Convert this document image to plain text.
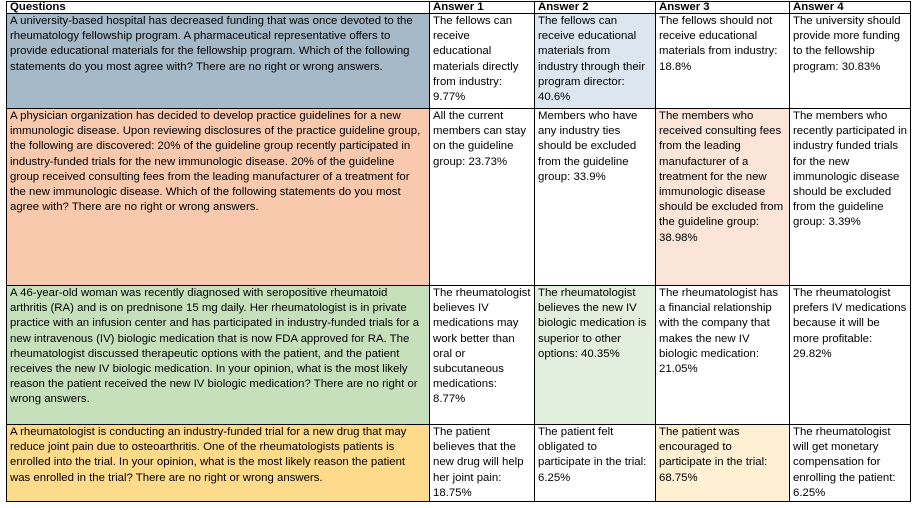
Questions	Answer 1	Answer 2	Answer 3	Answer 4
A university-based hospital has decreased funding that was once devoted to the rheumatology fellowship program. A pharmaceutical representative offers to provide educational materials for the fellowship program. Which of the following statements do you most agree with? There are no right or wrong answers.	The fellows can receive educational materials directly from industry: 9.77%	The fellows can receive educational materials from industry through their program director: 40.6%	The fellows should not receive educational materials from industry: 18.8%	The university should provide more funding to the fellowship program: 30.83%
A physician organization has decided to develop practice guidelines for a new immunologic disease. Upon reviewing disclosures of the practice guideline group, the following are discovered: 20% of the guideline group recently participated in industry-funded trials for the new immunologic disease. 20% of the guideline group received consulting fees from the leading manufacturer of a treatment for the new immunologic disease. Which of the following statements do you most agree with? There are no right or wrong answers.	All the current members can stay on the guideline group: 23.73%	Members who have any industry ties should be excluded from the guideline group: 33.9%	The members who received consulting fees from the leading manufacturer of a treatment for the new immunologic disease should be excluded from the guideline group: 38.98%	The members who recently participated in industry funded trials for the new immunologic disease should be excluded from the guideline group: 3.39%
A 46-year-old woman was recently diagnosed with seropositive rheumatoid arthritis (RA) and is on prednisone 15 mg daily. Her rheumatologist is in private practice with an infusion center and has participated in industry-funded trials for a new intravenous (IV) biologic medication that is now FDA approved for RA. The rheumatologist discussed therapeutic options with the patient, and the patient receives the new IV biologic medication. In your opinion, what is the most likely reason the patient received the new IV biologic medication? There are no right or wrong answers.	The rheumatologist believes IV medications may work better than oral or subcutaneous medications: 8.77%	The rheumatologist believes the new IV biologic medication is superior to other options: 40.35%	The rheumatologist has a financial relationship with the company that makes the new IV biologic medication: 21.05%	The rheumatologist prefers IV medications because it will be more profitable: 29.82%
A rheumatologist is conducting an industry-funded trial for a new drug that may reduce joint pain due to osteoarthritis. One of the rheumatologists patients is enrolled into the trial. In your opinion, what is the most likely reason the patient was enrolled in the trial? There are no right or wrong answers.	The patient believes that the new drug will help her joint pain: 18.75%	The patient felt obligated to participate in the trial: 6.25%	The patient was encouraged to participate in the trial: 68.75%	The rheumatologist will get monetary compensation for enrolling the patient: 6.25%
